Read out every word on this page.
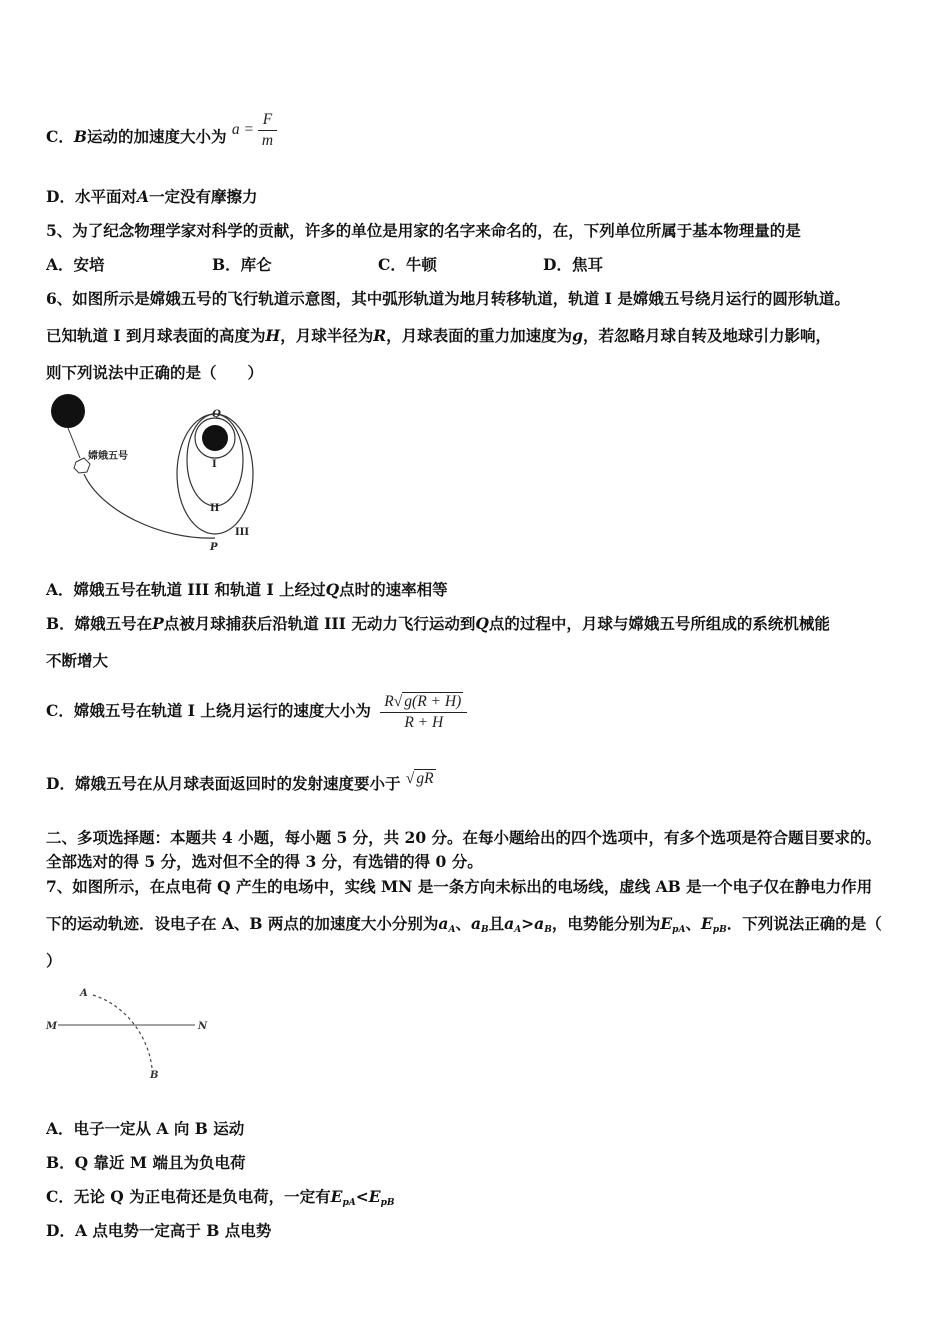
C．B运动的加速度大小为 $a = \frac{F}{m}$
D．水平面对A一定没有摩擦力
5、为了纪念物理学家对科学的贡献，许多的单位是用家的名字来命名的，在，下列单位所属于基本物理量的是
A．安培	B．库仑	C．牛顿	D．焦耳
6、如图所示是嫦娥五号的飞行轨道示意图，其中弧形轨道为地月转移轨道，轨道 I 是嫦娥五号绕月运行的圆形轨道。
已知轨道 I 到月球表面的高度为H，月球半径为R，月球表面的重力加速度为g，若忽略月球自转及地球引力影响，
则下列说法中正确的是（　　）
嫦娥五号
Q
I
II
III
P
A．嫦娥五号在轨道 III 和轨道 I 上经过Q点时的速率相等
B．嫦娥五号在P点被月球捕获后沿轨道 III 无动力飞行运动到Q点的过程中，月球与嫦娥五号所组成的系统机械能
不断增大
C．嫦娥五号在轨道 I 上绕月运行的速度大小为 $\frac{R√ g(R + H)}{R + H}$
D．嫦娥五号在从月球表面返回时的发射速度要小于 √ gR
二、多项选择题：本题共 4 小题，每小题 5 分，共 20 分。在每小题给出的四个选项中，有多个选项是符合题目要求的。
全部选对的得 5 分，选对但不全的得 3 分，有选错的得 0 分。
7、如图所示，在点电荷 Q 产生的电场中，实线 MN 是一条方向未标出的电场线，虚线 AB 是一个电子仅在静电力作用
下的运动轨迹．设电子在 A、B 两点的加速度大小分别为$a_A$、$a_B$且$a_A>a_B$，电势能分别为$E_{pA}$、$E_{pB}$．下列说法正确的是（
）
A
B
M	N
A．电子一定从 A 向 B 运动
B．Q 靠近 M 端且为负电荷
C．无论 Q 为正电荷还是负电荷，一定有$E_{pA}<E_{pB}$
D．A 点电势一定高于 B 点电势
